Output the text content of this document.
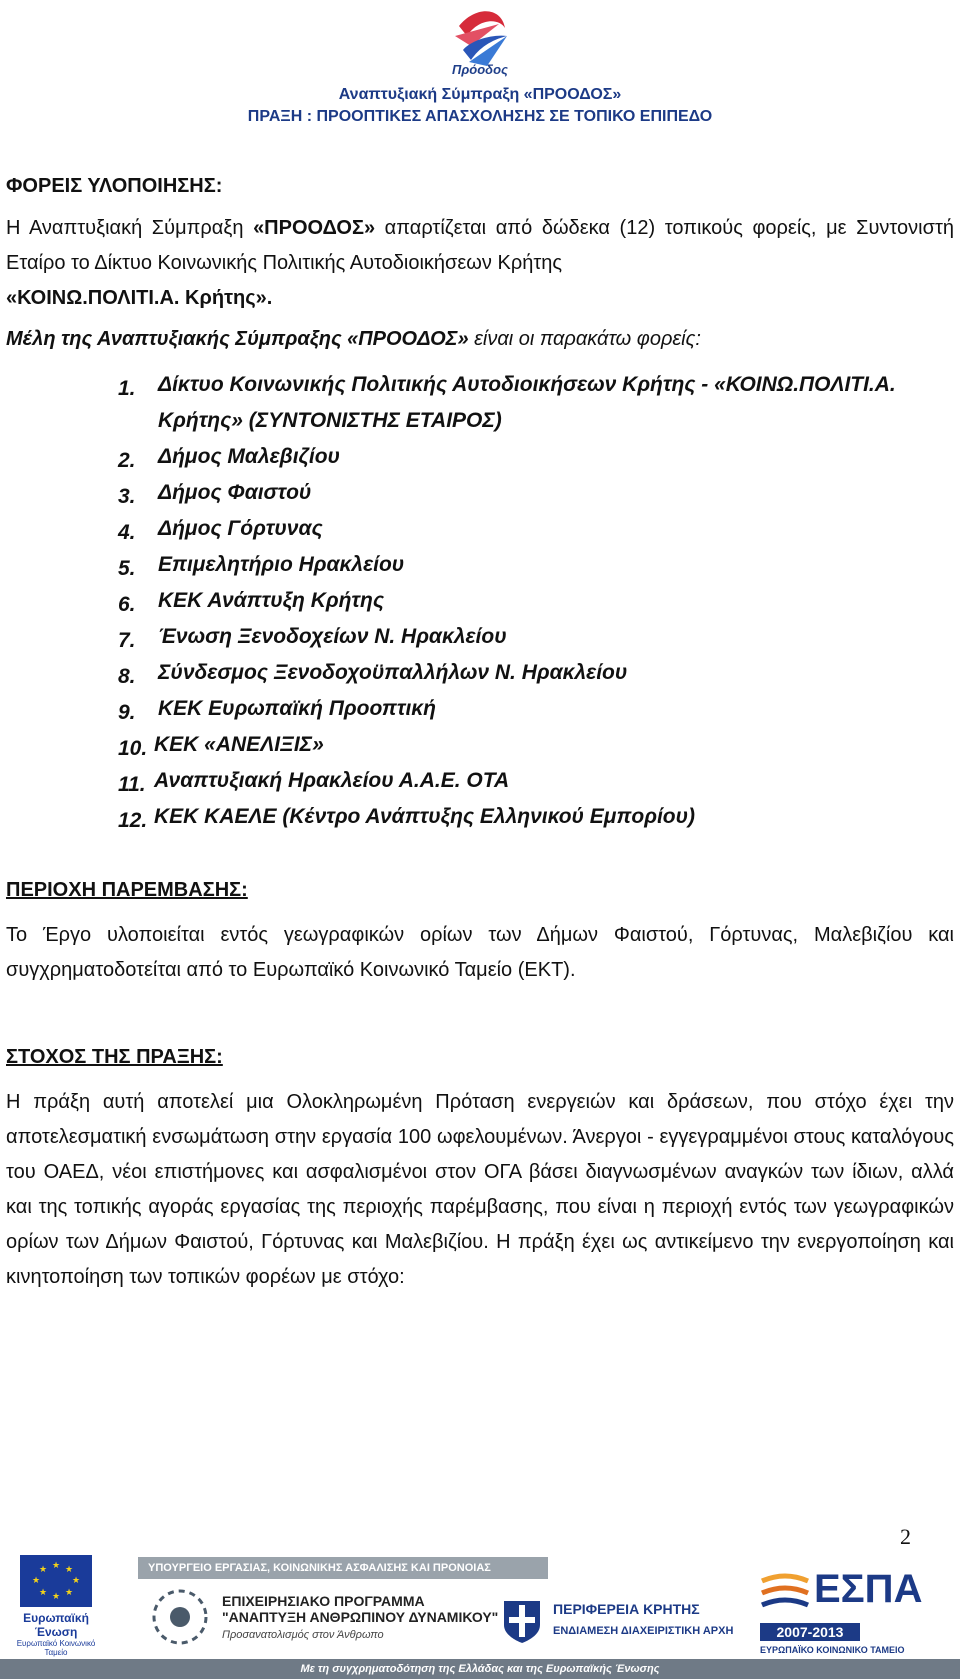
Πρόοδος
Αναπτυξιακή Σύμπραξη «ΠΡΟΟΔΟΣ»
ΠΡΑΞΗ : ΠΡΟΟΠΤΙΚΕΣ ΑΠΑΣΧΟΛΗΣΗΣ ΣΕ ΤΟΠΙΚΟ ΕΠΙΠΕΔΟ
ΦΟΡΕΙΣ ΥΛΟΠΟΙΗΣΗΣ:

Η Αναπτυξιακή Σύμπραξη «ΠΡΟΟΔΟΣ» απαρτίζεται από δώδεκα (12) τοπικούς φορείς, με Συντονιστή Εταίρο το Δίκτυο Κοινωνικής Πολιτικής Αυτοδιοικήσεων Κρήτης

«ΚΟΙΝΩ.ΠΟΛΙΤΙ.Α. Κρήτης».

Μέλη της Αναπτυξιακής Σύμπραξης «ΠΡΟΟΔΟΣ» είναι οι παρακάτω φορείς:
1.	Δίκτυο Κοινωνικής Πολιτικής Αυτοδιοικήσεων Κρήτης - «ΚΟΙΝΩ.ΠΟΛΙΤΙ.Α. Κρήτης» (ΣΥΝΤΟΝΙΣΤΗΣ ΕΤΑΙΡΟΣ)
2.	Δήμος Μαλεβιζίου
3.	Δήμος Φαιστού
4.	Δήμος Γόρτυνας
5.	Επιμελητήριο Ηρακλείου
6.	ΚΕΚ Ανάπτυξη Κρήτης
7.	Ένωση Ξενοδοχείων Ν. Ηρακλείου
8.	Σύνδεσμος Ξενοδοχοϋπαλλήλων Ν. Ηρακλείου
9.	ΚΕΚ Ευρωπαϊκή Προοπτική
10. ΚΕΚ «ΑΝΕΛΙΞΙΣ»
11. Αναπτυξιακή Ηρακλείου Α.Α.Ε. ΟΤΑ
12. ΚΕΚ ΚΑΕΛΕ (Κέντρο Ανάπτυξης Ελληνικού Εμπορίου)
ΠΕΡΙΟΧΗ ΠΑΡΕΜΒΑΣΗΣ:

Το Έργο υλοποιείται εντός γεωγραφικών ορίων των Δήμων Φαιστού, Γόρτυνας, Μαλεβιζίου και συγχρηματοδοτείται από το Ευρωπαϊκό Κοινωνικό Ταμείο (ΕΚΤ).

ΣΤΟΧΟΣ ΤΗΣ ΠΡΑΞΗΣ:

Η πράξη αυτή αποτελεί μια Ολοκληρωμένη Πρόταση ενεργειών και δράσεων, που στόχο έχει την αποτελεσματική ενσωμάτωση στην εργασία 100 ωφελουμένων. Άνεργοι - εγγεγραμμένοι στους καταλόγους του ΟΑΕΔ, νέοι επιστήμονες και ασφαλισμένοι στον ΟΓΑ βάσει διαγνωσμένων αναγκών των ίδιων, αλλά και της τοπικής αγοράς εργασίας της περιοχής παρέμβασης, που είναι η περιοχή εντός των γεωγραφικών ορίων των Δήμων Φαιστού, Γόρτυνας και Μαλεβιζίου. Η πράξη έχει ως αντικείμενο την ενεργοποίηση και κινητοποίηση των τοπικών φορέων με στόχο:

2
★ ★
★
★
★
★
★
★
Ευρωπαϊκή Ένωση
Ευρωπαϊκό Κοινωνικό Ταμείο
ΥΠΟΥΡΓΕΙΟ ΕΡΓΑΣΙΑΣ, ΚΟΙΝΩΝΙΚΗΣ ΑΣΦΑΛΙΣΗΣ ΚΑΙ ΠΡΟΝΟΙΑΣ
ΕΠΙΧΕΙΡΗΣΙΑΚΟ ΠΡΟΓΡΑΜΜΑ
"ΑΝΑΠΤΥΞΗ ΑΝΘΡΩΠΙΝΟΥ ΔΥΝΑΜΙΚΟΥ"
Προσανατολισμός στον Άνθρωπο
ΠΕΡΙΦΕΡΕΙΑ ΚΡΗΤΗΣ
ΕΝΔΙΑΜΕΣΗ ΔΙΑΧΕΙΡΙΣΤΙΚΗ ΑΡΧΗ
ΕΣΠΑ
2007-2013
ΕΥΡΩΠΑΪΚΟ ΚΟΙΝΩΝΙΚΟ ΤΑΜΕΙΟ
Με τη συγχρηματοδότηση της Ελλάδας και της Ευρωπαϊκής Ένωσης
